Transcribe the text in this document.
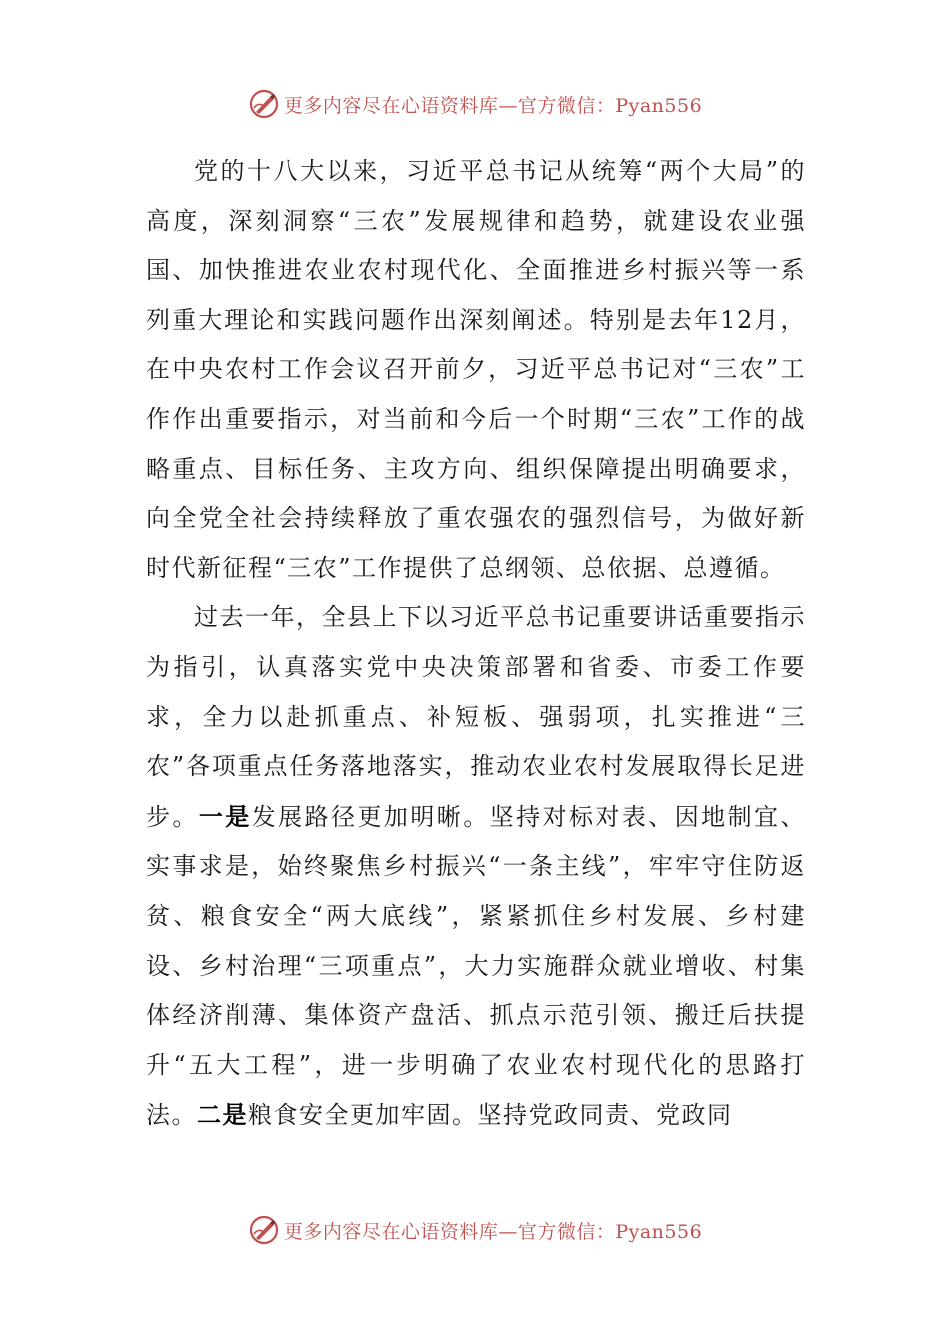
更多内容尽在心语资料库—官方微信：Pyan556

党的十八大以来，习近平总书记从统筹“两个大局”的高度，深刻洞察“三农”发展规律和趋势，就建设农业强国、加快推进农业农村现代化、全面推进乡村振兴等一系列重大理论和实践问题作出深刻阐述。特别是去年12月，在中央农村工作会议召开前夕，习近平总书记对“三农”工作作出重要指示，对当前和今后一个时期“三农”工作的战略重点、目标任务、主攻方向、组织保障提出明确要求，向全党全社会持续释放了重农强农的强烈信号，为做好新时代新征程“三农”工作提供了总纲领、总依据、总遵循。

过去一年，全县上下以习近平总书记重要讲话重要指示为指引，认真落实党中央决策部署和省委、市委工作要求，全力以赴抓重点、补短板、强弱项，扎实推进“三农”各项重点任务落地落实，推动农业农村发展取得长足进步。一是发展路径更加明晰。坚持对标对表、因地制宜、实事求是，始终聚焦乡村振兴“一条主线”，牢牢守住防返贫、粮食安全“两大底线”，紧紧抓住乡村发展、乡村建设、乡村治理“三项重点”，大力实施群众就业增收、村集体经济削薄、集体资产盘活、抓点示范引领、搬迁后扶提升“五大工程”，进一步明确了农业农村现代化的思路打法。二是粮食安全更加牢固。坚持党政同责、党政同

更多内容尽在心语资料库—官方微信：Pyan556
